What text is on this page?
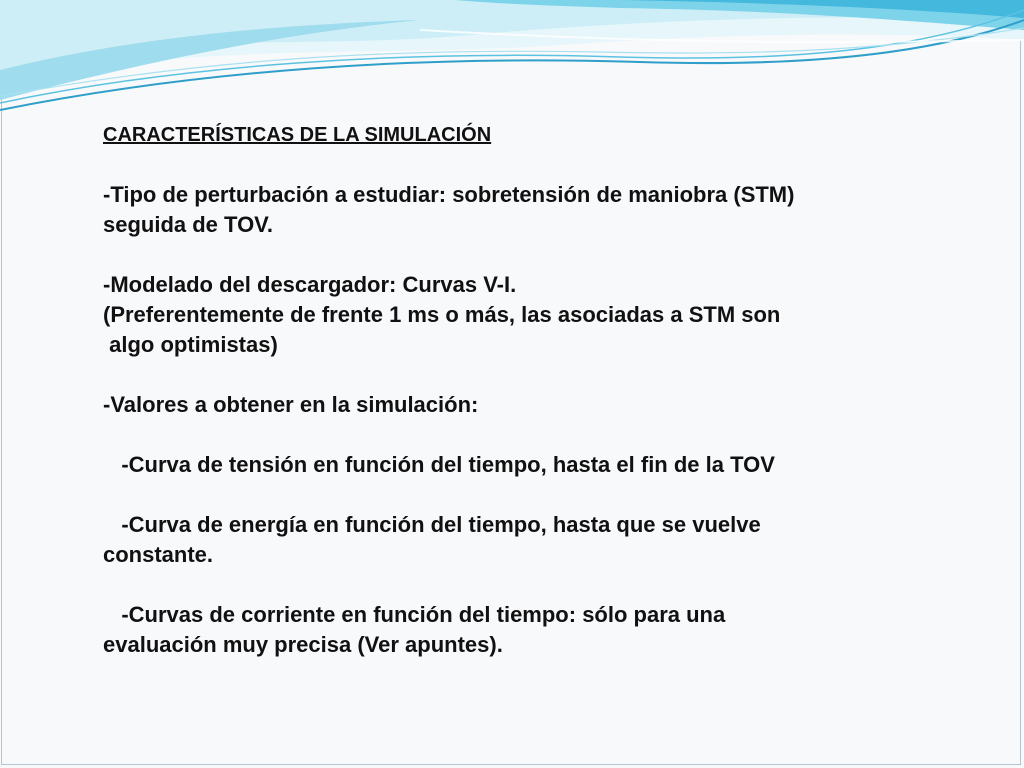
CARACTERÍSTICAS DE LA SIMULACIÓN
-Tipo de perturbación a estudiar: sobretensión de maniobra (STM)
seguida de TOV.
-Modelado del descargador: Curvas V-I.
(Preferentemente de frente 1 ms o más, las asociadas a STM son
algo optimistas)
-Valores a obtener en la simulación:
-Curva de tensión en función del tiempo, hasta el fin de la TOV
-Curva de energía en función del tiempo, hasta que se vuelve
constante.
-Curvas de corriente en función del tiempo: sólo para una
evaluación muy precisa (Ver apuntes).
